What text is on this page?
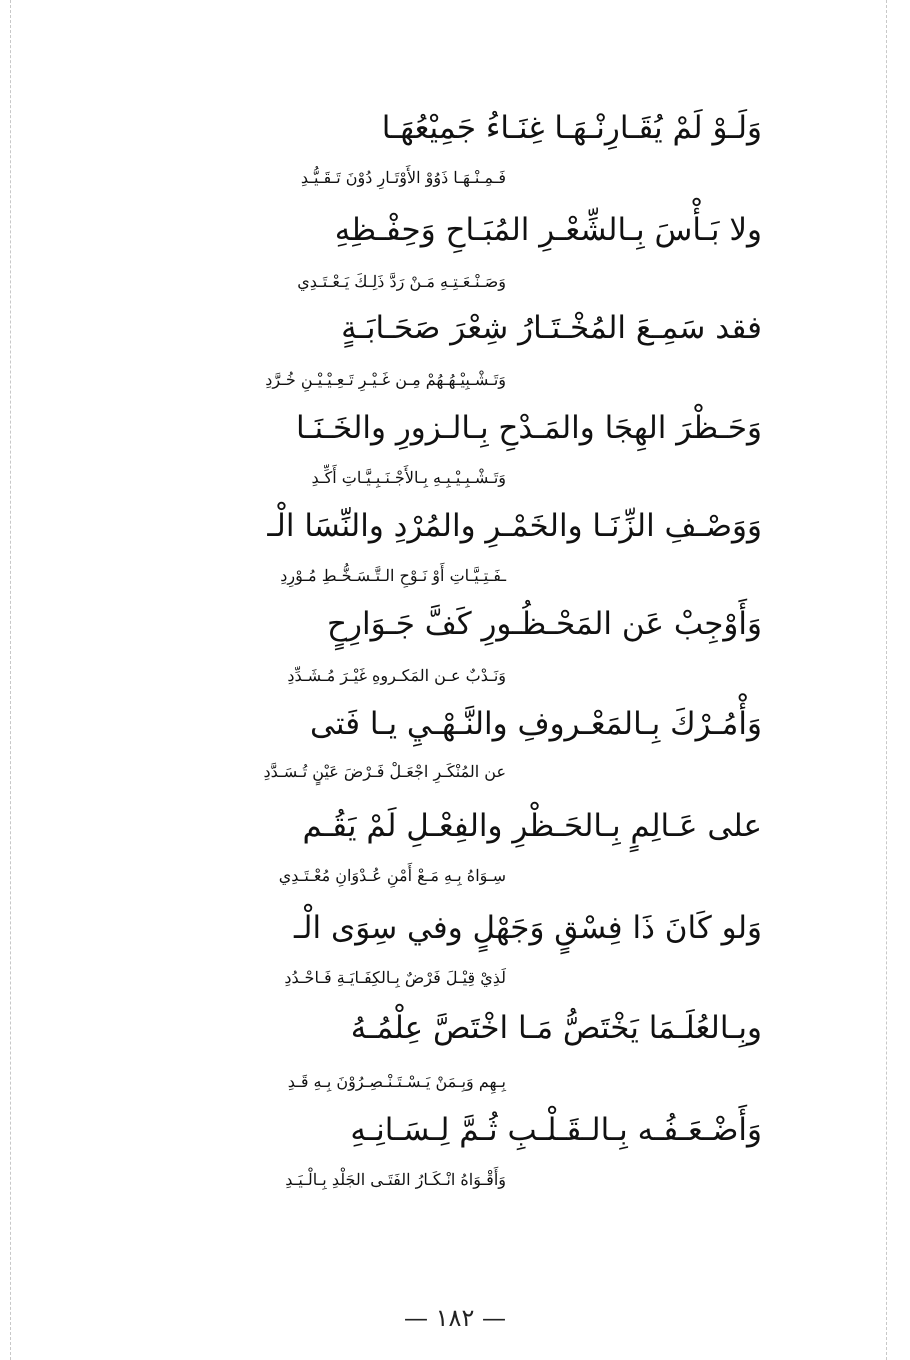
وَلَـوْ لَمْ يُقَـارِنْـهَـا غِنَـاءُ جَمِيْعُهَـا
فَـمِـنْـهَـا ذَوُوْ الأَوْتَـارِ دُوْنَ تَـقَـيُّـدِ
ولا بَـأْسَ بِـالشِّعْـرِ المُبَـاحِ وَحِفْـظِهِ
وَصَـنْـعَـتِـهِ مَـنْ رَدَّ ذَلِـكَ يَـعْـتَـدِي
فقد سَمِـعَ المُخْـتَـارُ شِعْرَ صَحَـابَـةٍ
وَتَـشْـبِيْـهُـهُمْ مِـن غَـيْـرِ تَـعِـيْـيْـنِ خُـرَّدِ
وَحَـظْرَ الهِجَا والمَـدْحِ بِـالـزورِ والخَـنَـا
وَتَـشْـبِـيْـبِـهِ بِـالأَجْـنَـبِـيَّـاتِ أَكِّـدِ
وَوَصْـفِ الزِّنَـا والخَمْـرِ والمُرْدِ والنِّسَا الْـ
ـفَـتِـيَّـاتِ أَوْ نَـوْحِ الـتَّـسَـخُّـطِ مُـوْرِدِ
وَأَوْجِبْ عَن المَحْـظُـورِ كَفَّ جَـوَارِحٍ
وَنَـدْبٌ عـن المَكـروهِ غَيْـرَ مُـشَـدِّدِ
وَأْمُـرْكَ بِـالمَعْـروفِ والنَّـهْـيِ يـا فَتى
عن المُنْكَـرِ اجْعَـلْ فَـرْضَ عَيْنٍ تُـسَـدَّدِ
على عَـالِمٍ بِـالحَـظْرِ والفِعْـلِ لَمْ يَقُـم
سِـوَاهُ بِـهِ مَـعْ أَمْنِ عُـدْوَانِ مُعْـتَـدِي
وَلو كَانَ ذَا فِسْقٍ وَجَهْلٍ وفي سِوَى الْـ
لَذِيْ قِيْـلَ فَرْضٌ بِـالكِفَـايَـةِ فَـاحْـدُدِ
وبِـالعُلَـمَا يَخْتَصُّ مَـا اخْتَصَّ عِلْمُـهُ
بِـهِم وَبِـمَنْ يَـسْـتَـنْـصِـرُوْنَ بِـهِ قَـدِ
وَأَضْـعَـفُـه بِـالـقَـلْـبِ ثُـمَّ لِـسَـانِـهِ
وَأَقْـوَاهُ انْـكَـارُ الفَتَـى الجَلْدِ بِـالْـيَـدِ
— ١٨٢ —
